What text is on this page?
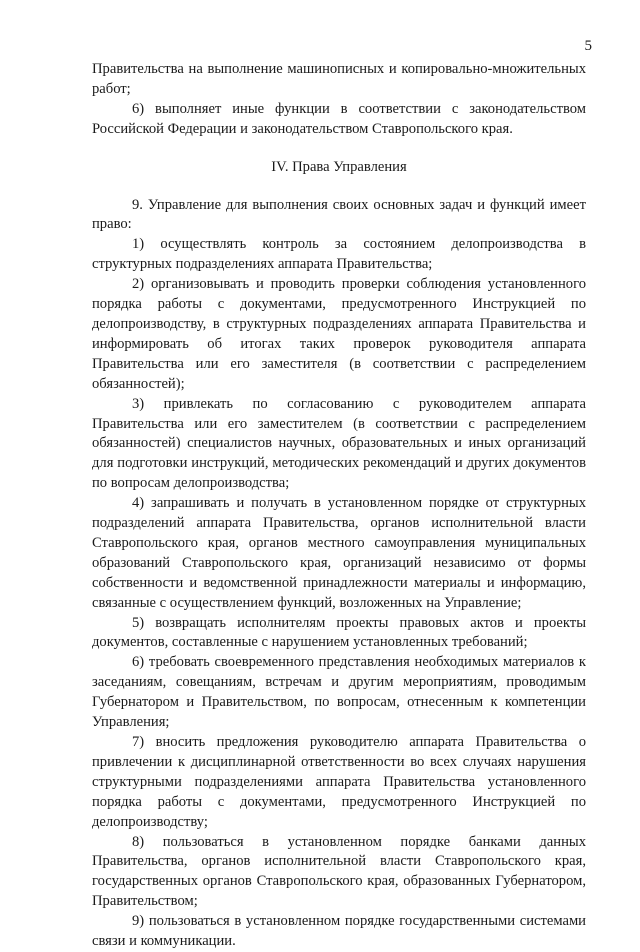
5

Правительства на выполнение машинописных и копировально-множительных работ;

6) выполняет иные функции в соответствии с законодательством Российской Федерации и законодательством Ставропольского края.

IV. Права Управления

9. Управление для выполнения своих основных задач и функций имеет право:

1) осуществлять контроль за состоянием делопроизводства в структурных подразделениях аппарата Правительства;

2) организовывать и проводить проверки соблюдения установленного порядка работы с документами, предусмотренного Инструкцией по делопроизводству, в структурных подразделениях аппарата Правительства и информировать об итогах таких проверок руководителя аппарата Правительства или его заместителя (в соответствии с распределением обязанностей);

3) привлекать по согласованию с руководителем аппарата Правительства или его заместителем (в соответствии с распределением обязанностей) специалистов научных, образовательных и иных организаций для подготовки инструкций, методических рекомендаций и других документов по вопросам делопроизводства;

4) запрашивать и получать в установленном порядке от структурных подразделений аппарата Правительства, органов исполнительной власти Ставропольского края, органов местного самоуправления муниципальных образований Ставропольского края, организаций независимо от формы собственности и ведомственной принадлежности материалы и информацию, связанные с осуществлением функций, возложенных на Управление;

5) возвращать исполнителям проекты правовых актов и проекты документов, составленные с нарушением установленных требований;

6) требовать своевременного представления необходимых материалов к заседаниям, совещаниям, встречам и другим мероприятиям, проводимым Губернатором и Правительством, по вопросам, отнесенным к компетенции Управления;

7) вносить предложения руководителю аппарата Правительства о привлечении к дисциплинарной ответственности во всех случаях нарушения структурными подразделениями аппарата Правительства установленного порядка работы с документами, предусмотренного Инструкцией по делопроизводству;

8) пользоваться в установленном порядке банками данных Правительства, органов исполнительной власти Ставропольского края, государственных органов Ставропольского края, образованных Губернатором, Правительством;

9) пользоваться в установленном порядке государственными системами связи и коммуникации.
